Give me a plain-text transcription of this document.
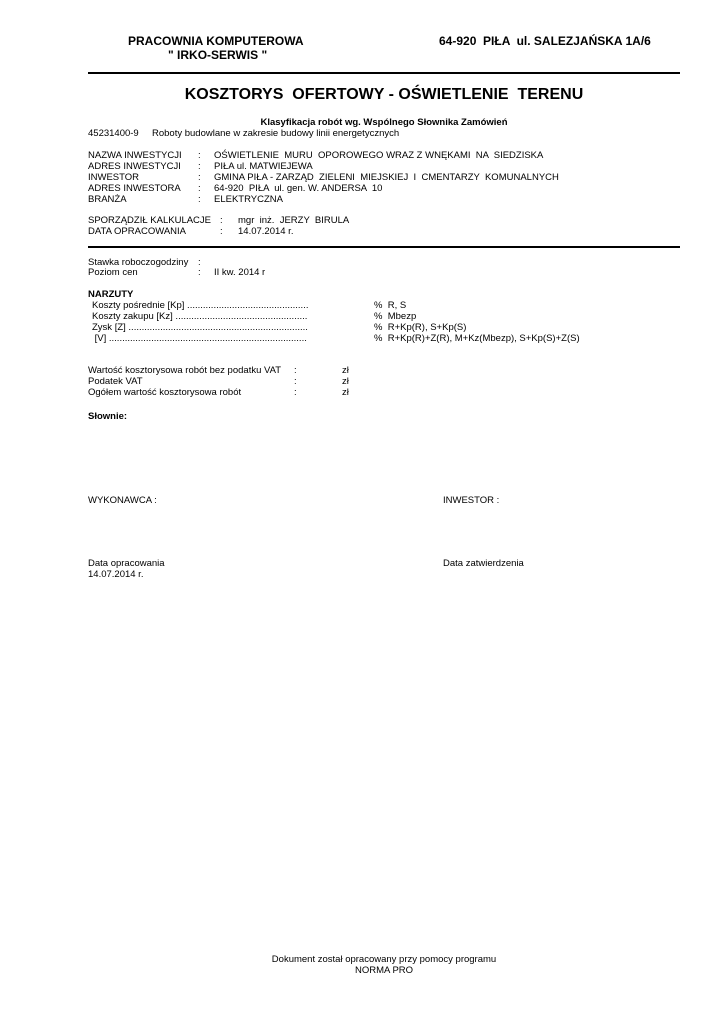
PRACOWNIA KOMPUTEROWA
" IRKO-SERWIS "
64-920  PIŁA  ul. SALEZJAŃSKA 1A/6
KOSZTORYS  OFERTOWY - OŚWIETLENIE  TERENU
Klasyfikacja robót wg. Wspólnego Słownika Zamówień
45231400-9 Roboty budowlane w zakresie budowy linii energetycznych
NAZWA INWESTYCJI : OŚWIETLENIE  MURU  OPOROWEGO WRAZ Z WNĘKAMI  NA  SIEDZISKA
ADRES INWESTYCJI : PIŁA ul. MATWIEJEWA
INWESTOR	: GMINA PIŁA - ZARZĄD  ZIELENI  MIEJSKIEJ  I  CMENTARZY  KOMUNALNYCH
ADRES INWESTORA : 64-920  PIŁA  ul. gen. W. ANDERSA  10
BRANŻA	: ELEKTRYCZNA
SPORZĄDZIŁ KALKULACJE : mgr  inż.  JERZY  BIRULA
DATA OPRACOWANIA	: 14.07.2014 r.
Stawka roboczogodziny :
Poziom cen	: II kw. 2014 r
NARZUTY
Koszty pośrednie [Kp] ..............................................	%  R, S
Koszty zakupu [Kz] ..................................................	%  Mbezp
Zysk [Z] ....................................................................	%  R+Kp(R), S+Kp(S)
[V] ...........................................................................	%  R+Kp(R)+Z(R), M+Kz(Mbezp), S+Kp(S)+Z(S)
Wartość kosztorysowa robót bez podatku VAT :	zł
Podatek VAT	:	zł
Ogółem wartość kosztorysowa robót	:	zł
Słownie:
WYKONAWCA :	INWESTOR :
Data opracowania
14.07.2014 r.
Data zatwierdzenia
Dokument został opracowany przy pomocy programu
NORMA PRO
